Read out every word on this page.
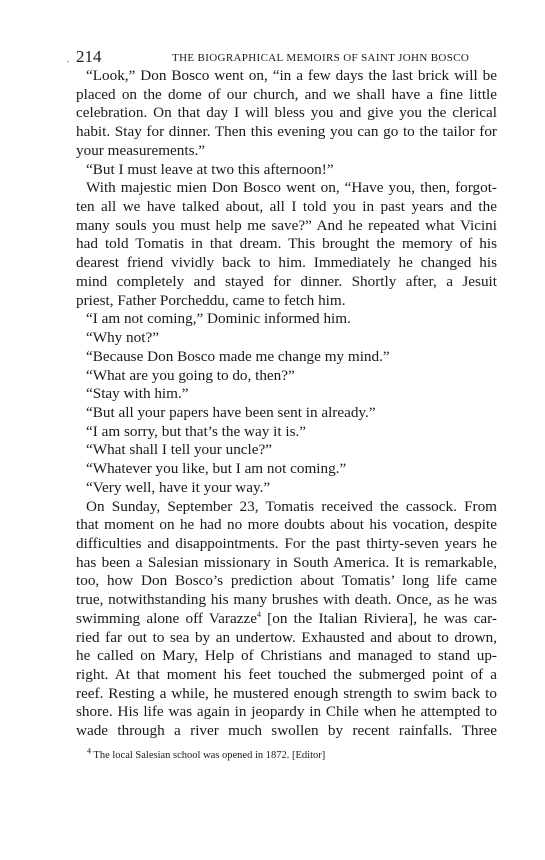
· 214	THE BIOGRAPHICAL MEMOIRS OF SAINT JOHN BOSCO
“Look,” Don Bosco went on, “in a few days the last brick will be
placed on the dome of our church, and we shall have a fine little
celebration. On that day I will bless you and give you the clerical
habit. Stay for dinner. Then this evening you can go to the tailor for
your measurements.”
“But I must leave at two this afternoon!”
With majestic mien Don Bosco went on, “Have you, then, forgot-
ten all we have talked about, all I told you in past years and the
many souls you must help me save?” And he repeated what Vicini
had told Tomatis in that dream. This brought the memory of his
dearest friend vividly back to him. Immediately he changed his
mind completely and stayed for dinner. Shortly after, a Jesuit
priest, Father Porcheddu, came to fetch him.
“I am not coming,” Dominic informed him.
“Why not?”
“Because Don Bosco made me change my mind.”
“What are you going to do, then?”
“Stay with him.”
“But all your papers have been sent in already.”
“I am sorry, but that’s the way it is.”
“What shall I tell your uncle?”
“Whatever you like, but I am not coming.”
“Very well, have it your way.”
On Sunday, September 23, Tomatis received the cassock. From
that moment on he had no more doubts about his vocation, despite
difficulties and disappointments. For the past thirty-seven years he
has been a Salesian missionary in South America. It is remarkable,
too, how Don Bosco’s prediction about Tomatis’ long life came
true, notwithstanding his many brushes with death. Once, as he was
swimming alone off Varazze$^4$ [on the Italian Riviera], he was car-
ried far out to sea by an undertow. Exhausted and about to drown,
he called on Mary, Help of Christians and managed to stand up-
right. At that moment his feet touched the submerged point of a
reef. Resting a while, he mustered enough strength to swim back to
shore. His life was again in jeopardy in Chile when he attempted to
wade through a river much swollen by recent rainfalls. Three
$^4$ The local Salesian school was opened in 1872. [Editor]
